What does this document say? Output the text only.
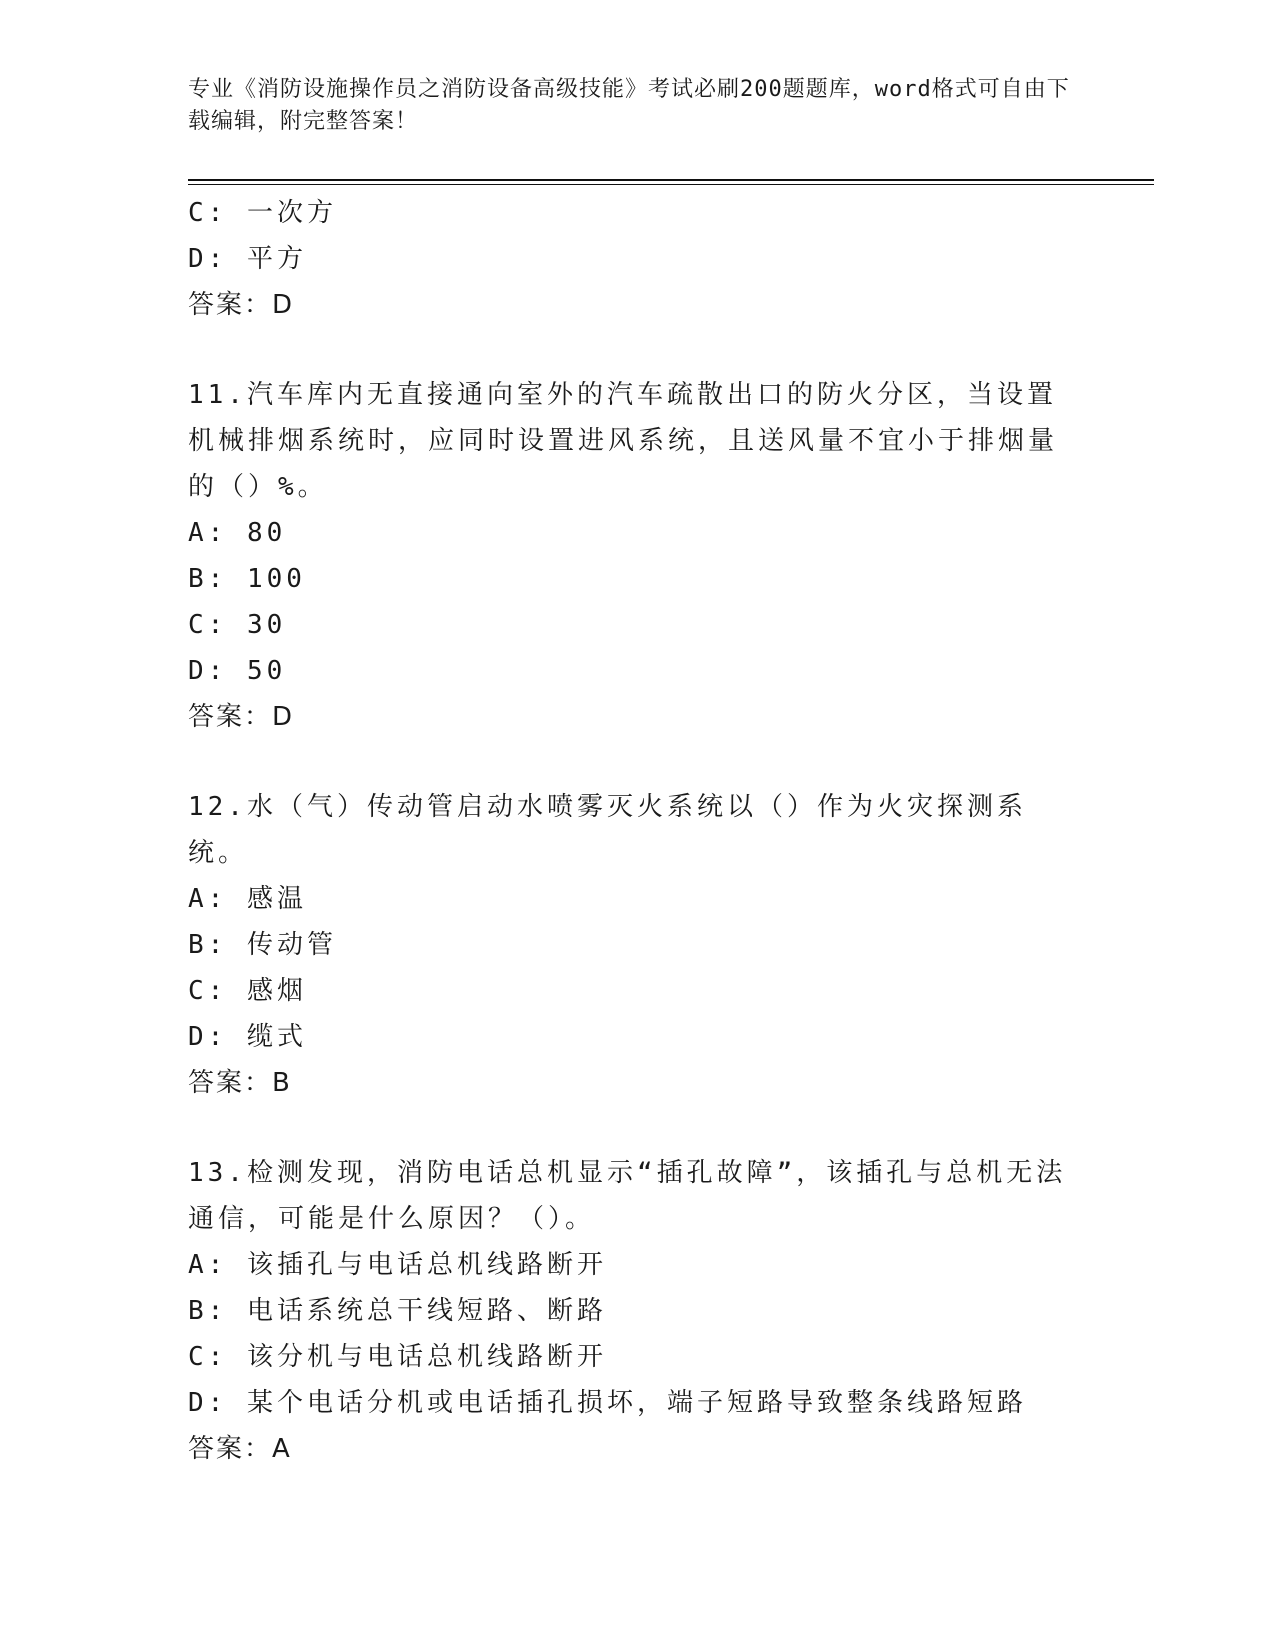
专业《消防设施操作员之消防设备高级技能》考试必刷200题题库，word格式可自由下载编辑，附完整答案！
C: 一次方
D: 平方
答案：D
11.汽车库内无直接通向室外的汽车疏散出口的防火分区，当设置机械排烟系统时，应同时设置进风系统，且送风量不宜小于排烟量的（）%。
A: 80
B: 100
C: 30
D: 50
答案：D
12.水（气）传动管启动水喷雾灭火系统以（）作为火灾探测系统。
A: 感温
B: 传动管
C: 感烟
D: 缆式
答案：B
13.检测发现，消防电话总机显示“插孔故障”，该插孔与总机无法通信，可能是什么原因？（）。
A: 该插孔与电话总机线路断开
B: 电话系统总干线短路、断路
C: 该分机与电话总机线路断开
D: 某个电话分机或电话插孔损坏，端子短路导致整条线路短路
答案：A
